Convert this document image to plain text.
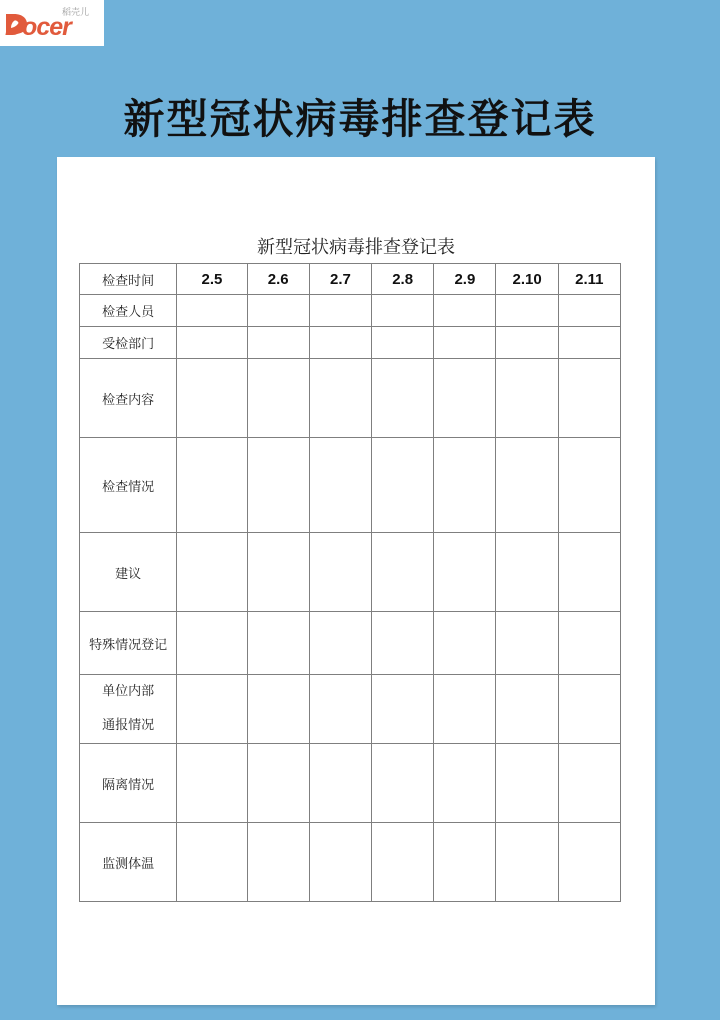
Docer
稻壳儿
新型冠状病毒排查登记表
新型冠状病毒排查登记表
检查时间	2.5	2.6	2.7	2.8	2.9	2.10	2.11
检查人员							
受检部门							
检查内容							
检查情况							
建议							
特殊情况登记							

单位内部
通报情况							

隔离情况							
监测体温							
